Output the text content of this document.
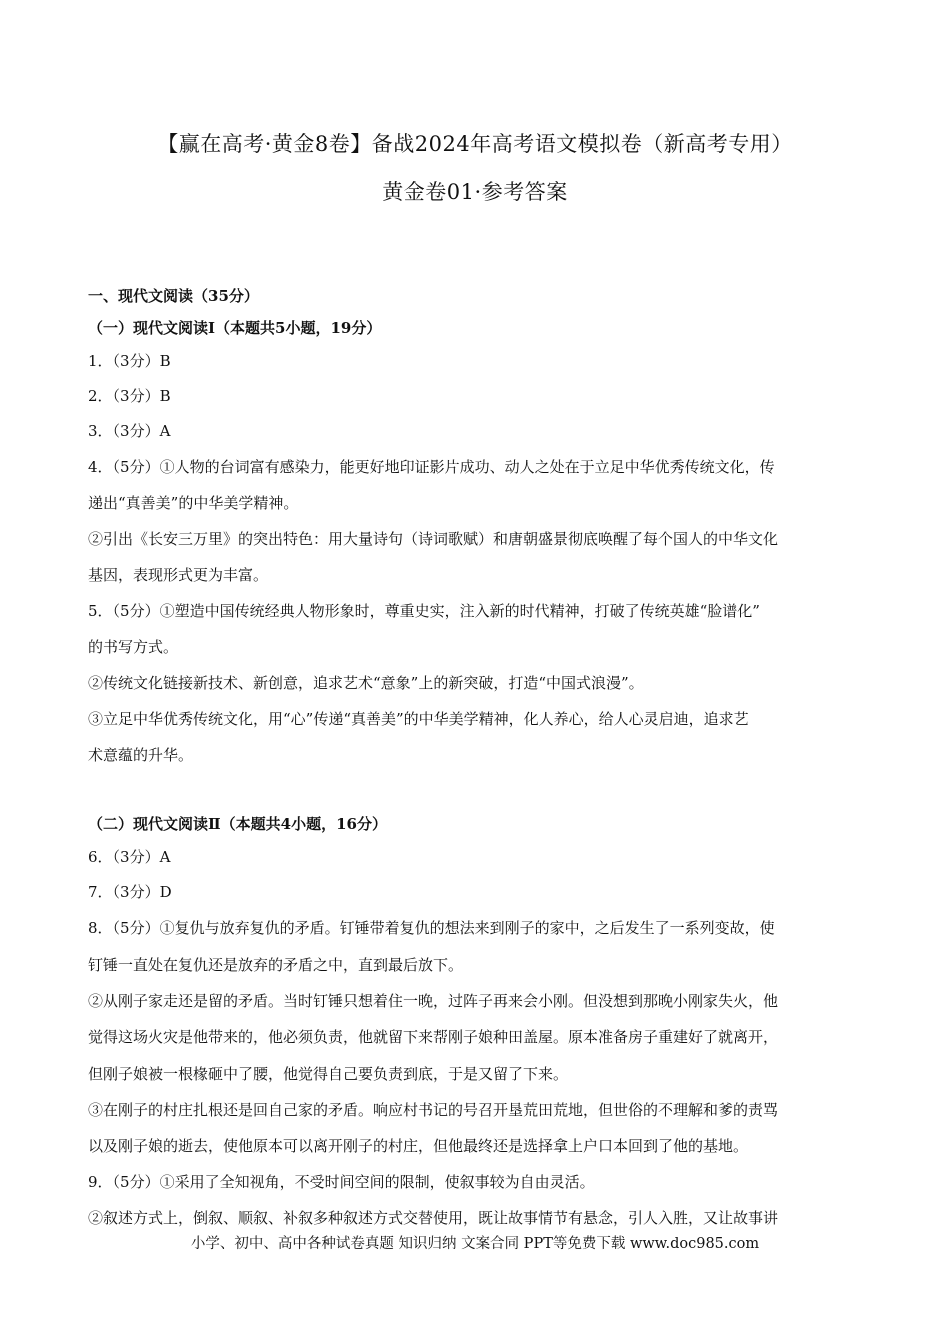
【赢在高考·黄金8卷】备战2024年高考语文模拟卷（新高考专用）
黄金卷01·参考答案
一、现代文阅读（35分）
（一）现代文阅读Ⅰ（本题共5小题，19分）
1．（3分）B
2．（3分）B
3．（3分）A
4．（5分）①人物的台词富有感染力，能更好地印证影片成功、动人之处在于立足中华优秀传统文化，传
递出“真善美”的中华美学精神。
②引出《长安三万里》的突出特色：用大量诗句（诗词歌赋）和唐朝盛景彻底唤醒了每个国人的中华文化
基因，表现形式更为丰富。
5．（5分）①塑造中国传统经典人物形象时，尊重史实，注入新的时代精神，打破了传统英雄“脸谱化”
的书写方式。
②传统文化链接新技术、新创意，追求艺术“意象”上的新突破，打造“中国式浪漫”。
③立足中华优秀传统文化，用“心”传递“真善美”的中华美学精神，化人养心，给人心灵启迪，追求艺
术意蕴的升华。
（二）现代文阅读Ⅱ（本题共4小题，16分）
6．（3分）A
7．（3分）D
8．（5分）①复仇与放弃复仇的矛盾。钉锤带着复仇的想法来到刚子的家中，之后发生了一系列变故，使
钉锤一直处在复仇还是放弃的矛盾之中，直到最后放下。
②从刚子家走还是留的矛盾。当时钉锤只想着住一晚，过阵子再来会小刚。但没想到那晚小刚家失火，他
觉得这场火灾是他带来的，他必须负责，他就留下来帮刚子娘种田盖屋。原本准备房子重建好了就离开，
但刚子娘被一根椽砸中了腰，他觉得自己要负责到底，于是又留了下来。
③在刚子的村庄扎根还是回自己家的矛盾。响应村书记的号召开垦荒田荒地，但世俗的不理解和爹的责骂
以及刚子娘的逝去，使他原本可以离开刚子的村庄，但他最终还是选择拿上户口本回到了他的基地。
9．（5分）①采用了全知视角，不受时间空间的限制，使叙事较为自由灵活。
②叙述方式上，倒叙、顺叙、补叙多种叙述方式交替使用，既让故事情节有悬念，引人入胜，又让故事讲
小学、初中、高中各种试卷真题 知识归纳 文案合同 PPT等免费下载 www.doc985.com
